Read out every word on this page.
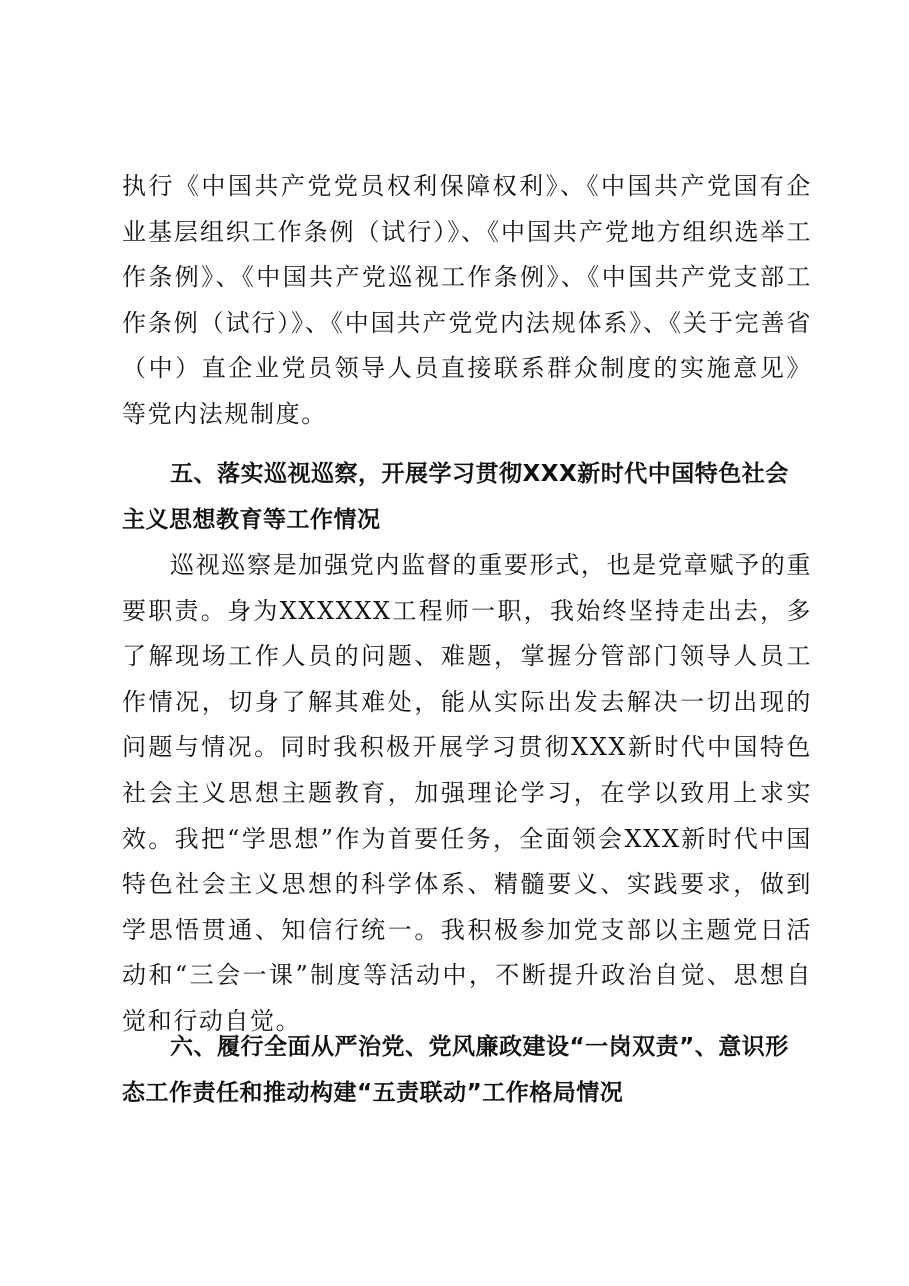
执行《中国共产党党员权利保障权利》、《中国共产党国有企业基层组织工作条例（试行）》、《中国共产党地方组织选举工作条例》、《中国共产党巡视工作条例》、《中国共产党支部工作条例（试行）》、《中国共产党党内法规体系》、《关于完善省（中）直企业党员领导人员直接联系群众制度的实施意见》等党内法规制度。

五、落实巡视巡察，开展学习贯彻XXX新时代中国特色社会主义思想教育等工作情况

巡视巡察是加强党内监督的重要形式，也是党章赋予的重要职责。身为XXXXXX工程师一职，我始终坚持走出去，多了解现场工作人员的问题、难题，掌握分管部门领导人员工作情况，切身了解其难处，能从实际出发去解决一切出现的问题与情况。同时我积极开展学习贯彻XXX新时代中国特色社会主义思想主题教育，加强理论学习，在学以致用上求实效。我把“学思想”作为首要任务，全面领会XXX新时代中国特色社会主义思想的科学体系、精髓要义、实践要求，做到学思悟贯通、知信行统一。我积极参加党支部以主题党日活动和“三会一课”制度等活动中，不断提升政治自觉、思想自觉和行动自觉。

六、履行全面从严治党、党风廉政建设“一岗双责”、意识形态工作责任和推动构建“五责联动”工作格局情况
